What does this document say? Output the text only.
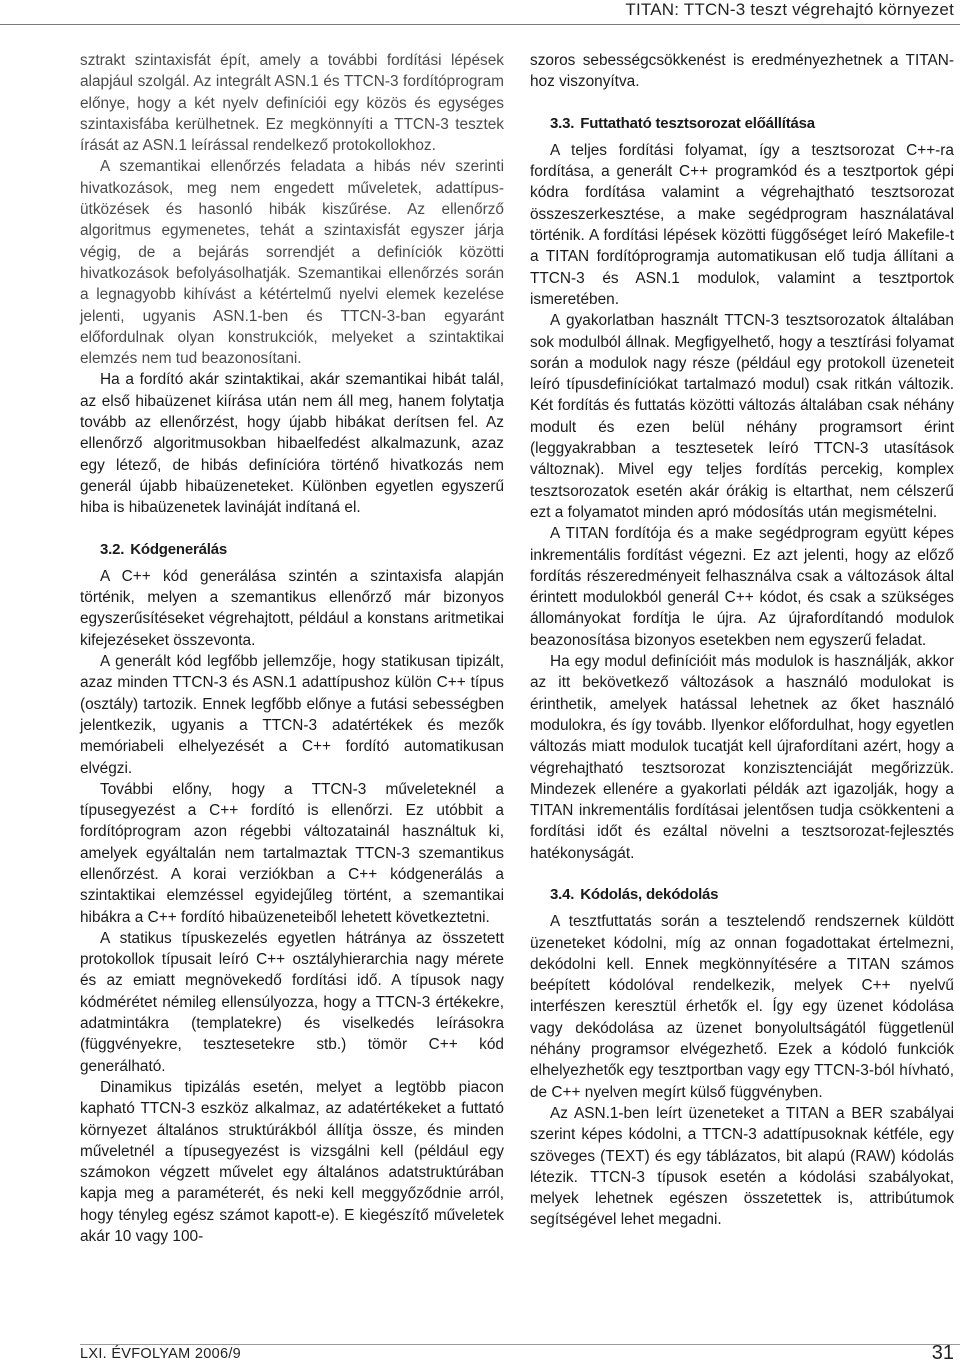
TITAN: TTCN-3 teszt végrehajtó környezet

sztrakt szintaxisfát épít, amely a további fordítási lépések alapjául szolgál. Az integrált ASN.1 és TTCN-3 fordítóprogram előnye, hogy a két nyelv definíciói egy közös és egységes szintaxisfába kerülhetnek. Ez megkönnyíti a TTCN-3 tesztek írását az ASN.1 leírással rendelkező protokollokhoz.

A szemantikai ellenőrzés feladata a hibás név szerinti hivatkozások, meg nem engedett műveletek, adattípus-ütközések és hasonló hibák kiszűrése. Az ellenőrző algoritmus egymenetes, tehát a szintaxisfát egyszer járja végig, de a bejárás sorrendjét a definíciók közötti hivatkozások befolyásolhatják. Szemantikai ellenőrzés során a legnagyobb kihívást a kétértelmű nyelvi elemek kezelése jelenti, ugyanis ASN.1-ben és TTCN-3-ban egyaránt előfordulnak olyan konstrukciók, melyeket a szintaktikai elemzés nem tud beazonosítani.

Ha a fordító akár szintaktikai, akár szemantikai hibát talál, az első hibaüzenet kiírása után nem áll meg, hanem folytatja tovább az ellenőrzést, hogy újabb hibákat derítsen fel. Az ellenőrző algoritmusokban hibaelfedést alkalmazunk, azaz egy létező, de hibás definícióra történő hivatkozás nem generál újabb hibaüzeneteket. Különben egyetlen egyszerű hiba is hibaüzenetek lavináját indítaná el.

3.2. Kódgenerálás

A C++ kód generálása szintén a szintaxisfa alapján történik, melyen a szemantikus ellenőrző már bizonyos egyszerűsítéseket végrehajtott, például a konstans aritmetikai kifejezéseket összevonta.

A generált kód legfőbb jellemzője, hogy statikusan tipizált, azaz minden TTCN-3 és ASN.1 adattípushoz külön C++ típus (osztály) tartozik. Ennek legfőbb előnye a futási sebességben jelentkezik, ugyanis a TTCN-3 adatértékek és mezők memóriabeli elhelyezését a C++ fordító automatikusan elvégzi.

További előny, hogy a TTCN-3 műveleteknél a típusegyezést a C++ fordító is ellenőrzi. Ez utóbbit a fordítóprogram azon régebbi változatainál használtuk ki, amelyek egyáltalán nem tartalmaztak TTCN-3 szemantikus ellenőrzést. A korai verziókban a C++ kódgenerálás a szintaktikai elemzéssel egyidejűleg történt, a szemantikai hibákra a C++ fordító hibaüzeneteiből lehetett következtetni.

A statikus típuskezelés egyetlen hátránya az összetett protokollok típusait leíró C++ osztályhierarchia nagy mérete és az emiatt megnövekedő fordítási idő. A típusok nagy kódmérétet némileg ellensúlyozza, hogy a TTCN-3 értékekre, adatmintákra (templatekre) és viselkedés leírásokra (függvényekre, tesztesetekre stb.) tömör C++ kód generálható.

Dinamikus tipizálás esetén, melyet a legtöbb piacon kapható TTCN-3 eszköz alkalmaz, az adatértékeket a futtató környezet általános struktúrákból állítja össze, és minden műveletnél a típusegyezést is vizsgálni kell (például egy számokon végzett művelet egy általános adatstruktúrában kapja meg a paraméterét, és neki kell meggyőződnie arról, hogy tényleg egész számot kapott-e). E kiegészítő műveletek akár 10 vagy 100-

szoros sebességcsökkenést is eredményezhetnek a TITAN-hoz viszonyítva.

3.3. Futtatható tesztsorozat előállítása

A teljes fordítási folyamat, így a tesztsorozat C++-ra fordítása, a generált C++ programkód és a tesztportok gépi kódra fordítása valamint a végrehajtható tesztsorozat összeszerkesztése, a make segédprogram használatával történik. A fordítási lépések közötti függőséget leíró Makefile-t a TITAN fordítóprogramja automatikusan elő tudja állítani a TTCN-3 és ASN.1 modulok, valamint a tesztportok ismeretében.

A gyakorlatban használt TTCN-3 tesztsorozatok általában sok modulból állnak. Megfigyelhető, hogy a tesztírási folyamat során a modulok nagy része (például egy protokoll üzeneteit leíró típusdefiníciókat tartalmazó modul) csak ritkán változik. Két fordítás és futtatás közötti változás általában csak néhány modult és ezen belül néhány programsort érint (leggyakrabban a tesztesetek leíró TTCN-3 utasítások változnak). Mivel egy teljes fordítás percekig, komplex tesztsorozatok esetén akár órákig is eltarthat, nem célszerű ezt a folyamatot minden apró módosítás után megismételni.

A TITAN fordítója és a make segédprogram együtt képes inkrementális fordítást végezni. Ez azt jelenti, hogy az előző fordítás részeredményeit felhasználva csak a változások által érintett modulokból generál C++ kódot, és csak a szükséges állományokat fordítja le újra. Az újrafordítandó modulok beazonosítása bizonyos esetekben nem egyszerű feladat.

Ha egy modul definícióit más modulok is használják, akkor az itt bekövetkező változások a használó modulokat is érinthetik, amelyek hatással lehetnek az őket használó modulokra, és így tovább. Ilyenkor előfordulhat, hogy egyetlen változás miatt modulok tucatját kell újrafordítani azért, hogy a végrehajtható tesztsorozat konzisztenciáját megőrizzük. Mindezek ellenére a gyakorlati példák azt igazolják, hogy a TITAN inkrementális fordításai jelentősen tudja csökkenteni a fordítási időt és ezáltal növelni a tesztsorozat-fejlesztés hatékonyságát.

3.4. Kódolás, dekódolás

A tesztfuttatás során a tesztelendő rendszernek küldött üzeneteket kódolni, míg az onnan fogadottakat értelmezni, dekódolni kell. Ennek megkönnyítésére a TITAN számos beépített kódolóval rendelkezik, melyek C++ nyelvű interfészen keresztül érhetők el. Így egy üzenet kódolása vagy dekódolása az üzenet bonyolultságától függetlenül néhány programsor elvégezhető. Ezek a kódoló funkciók elhelyezhetők egy tesztportban vagy egy TTCN-3-ból hívható, de C++ nyelven megírt külső függvényben.

Az ASN.1-ben leírt üzeneteket a TITAN a BER szabályai szerint képes kódolni, a TTCN-3 adattípusoknak kétféle, egy szöveges (TEXT) és egy táblázatos, bit alapú (RAW) kódolás létezik. TTCN-3 típusok esetén a kódolási szabályokat, melyek lehetnek egészen összetettek is, attribútumok segítségével lehet megadni.

LXI. ÉVFOLYAM 2006/9	31
